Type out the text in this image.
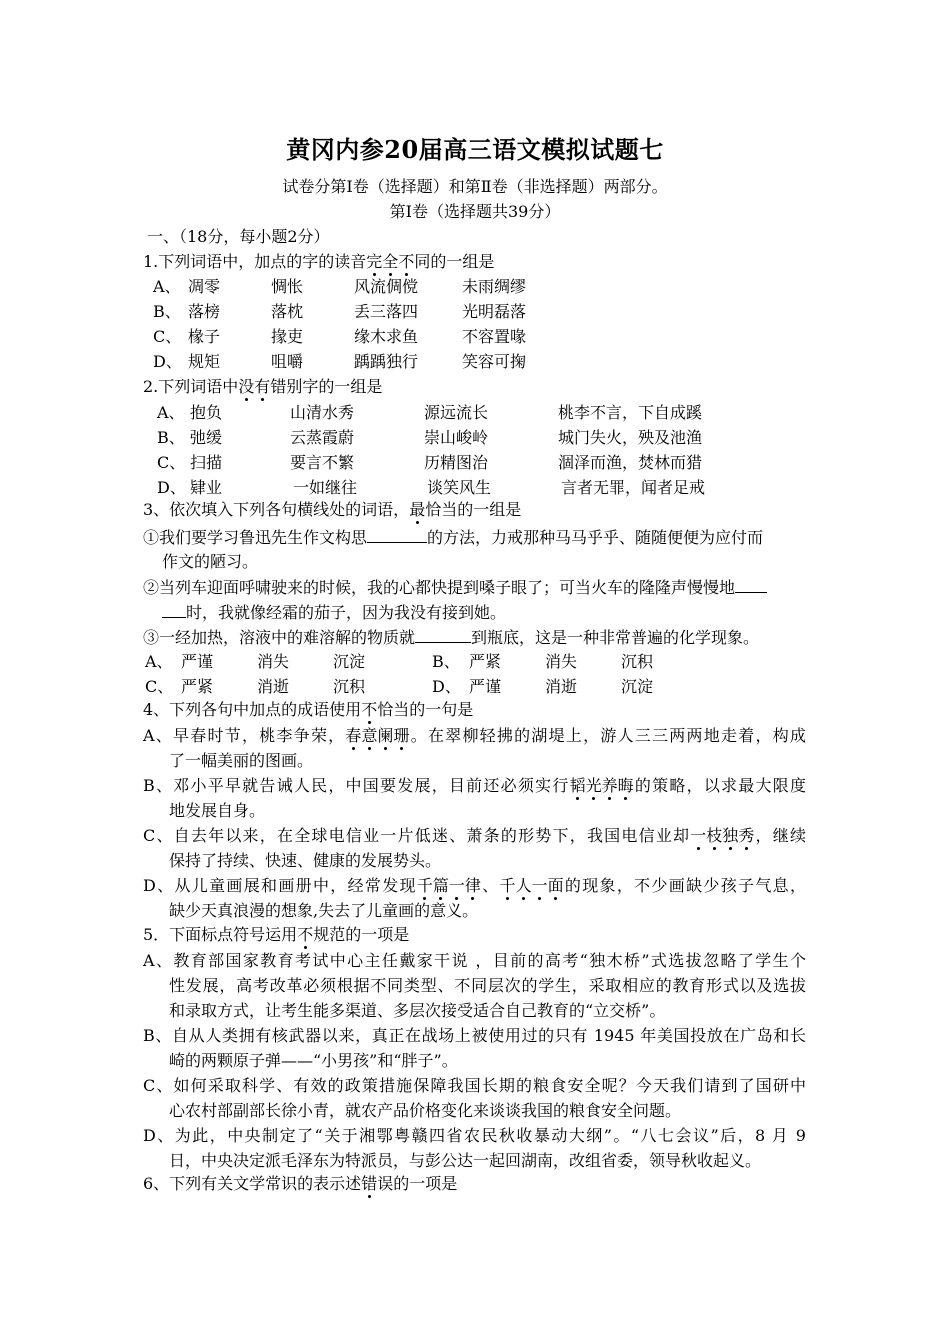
黄冈内参20届高三语文模拟试题七
试卷分第Ⅰ卷（选择题）和第Ⅱ卷（非选择题）两部分。
第Ⅰ卷（选择题共39分）
一、（18分，每小题2分）
1.下列词语中，加点的字的读音完全不同的一组是
A、 凋零	惆怅	风流倜傥	未雨绸缪
B、 落榜	落枕	丢三落四	光明磊落
C、 椽子	掾吏	缘木求鱼	不容置喙
D、 规矩	咀嚼	踽踽独行	笑容可掬
2.下列词语中没有错别字的一组是
A、 抱负	山清水秀	源远流长	桃李不言，下自成蹊
B、 弛缓	云蒸霞蔚	崇山峻岭	城门失火，殃及池渔
C、 扫描	要言不繁	历精图治	涸泽而渔，焚林而猎
D、 肄业	一如继往	谈笑风生	言者无罪，闻者足戒
3、依次填入下列各句横线处的词语，最恰当的一组是
①我们要学习鲁迅先生作文构思	的方法，力戒那种马马乎乎、随随便便为应付而
作文的陋习。
②当列车迎面呼啸驶来的时候，我的心都快提到嗓子眼了；可当火车的隆隆声慢慢地
时，我就像经霜的茄子，因为我没有接到她。
③一经加热，溶液中的难溶解的物质就	到瓶底，这是一种非常普遍的化学现象。
A、 严谨	消失	沉淀	B、 严紧	消失	沉积
C、 严紧	消逝	沉积	D、 严谨	消逝	沉淀
4、下列各句中加点的成语使用不恰当的一句是
A、早春时节，桃李争荣，春意阑珊。在翠柳轻拂的湖堤上，游人三三两两地走着，构成
了一幅美丽的图画。
B、邓小平早就告诫人民，中国要发展，目前还必须实行韬光养晦的策略，以求最大限度
地发展自身。
C、自去年以来，在全球电信业一片低迷、萧条的形势下，我国电信业却一枝独秀，继续
保持了持续、快速、健康的发展势头。
D、从儿童画展和画册中，经常发现千篇一律、千人一面的现象，不少画缺少孩子气息，
缺少天真浪漫的想象,失去了儿童画的意义。
5．下面标点符号运用不规范的一项是
A、教育部国家教育考试中心主任戴家干说 ，目前的高考“独木桥”式选拔忽略了学生个
性发展，高考改革必须根据不同类型、不同层次的学生，采取相应的教育形式以及选拔
和录取方式，让考生能多渠道、多层次接受适合自己教育的“立交桥”。
B、自从人类拥有核武器以来，真正在战场上被使用过的只有 1945 年美国投放在广岛和长
崎的两颗原子弹——“小男孩”和“胖子”。
C、如何采取科学、有效的政策措施保障我国长期的粮食安全呢？今天我们请到了国研中
心农村部副部长徐小青，就农产品价格变化来谈谈我国的粮食安全问题。
D、为此，中央制定了“关于湘鄂粤赣四省农民秋收暴动大纲”。“八七会议”后，8 月 9
日，中央决定派毛泽东为特派员，与彭公达一起回湖南，改组省委，领导秋收起义。
6、下列有关文学常识的表示述错误的一项是
